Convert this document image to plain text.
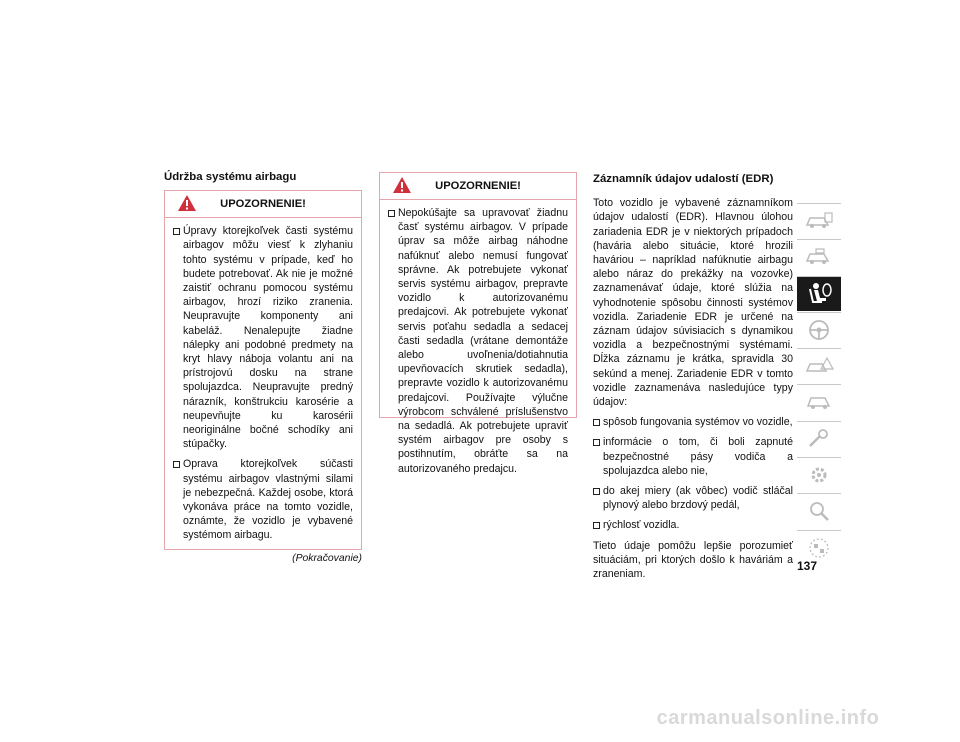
Údržba systému airbagu
UPOZORNENIE!
Úpravy ktorejkoľvek časti systému airbagov môžu viesť k zlyhaniu tohto systému v prípade, keď ho budete potrebovať. Ak nie je možné zaistiť ochranu pomocou systému airbagov, hrozí riziko zranenia. Neupravujte komponenty ani kabeláž. Nenalepujte žiadne nálepky ani podobné predmety na kryt hlavy náboja volantu ani na prístrojovú dosku na strane spolujazdca. Neupravujte predný nárazník, konštrukciu karosérie a neupevňujte ku karosérii neoriginálne bočné schodíky ani stúpačky.
Oprava ktorejkoľvek súčasti systému airbagov vlastnými silami je nebezpečná. Každej osobe, ktorá vykonáva práce na tomto vozidle, oznámte, že vozidlo je vybavené systémom airbagu.
(Pokračovanie)
UPOZORNENIE!
Nepokúšajte sa upravovať žiadnu časť systému airbagov. V prípade úprav sa môže airbag náhodne nafúknuť alebo nemusí fungovať správne. Ak potrebujete vykonať servis systému airbagov, prepravte vozidlo k autorizovanému predajcovi. Ak potrebujete vykonať servis poťahu sedadla a sedacej časti sedadla (vrátane demontáže alebo uvoľnenia/dotiahnutia upevňovacích skrutiek sedadla), prepravte vozidlo k autorizovanému predajcovi. Používajte výlučne výrobcom schválené príslušenstvo na sedadlá. Ak potrebujete upraviť systém airbagov pre osoby s postihnutím, obráťte sa na autorizovaného predajcu.
Záznamník údajov udalostí (EDR)

Toto vozidlo je vybavené záznamníkom údajov udalostí (EDR). Hlavnou úlohou zariadenia EDR je v niektorých prípadoch (havária alebo situácie, ktoré hrozili haváriou – napríklad nafúknutie airbagu alebo náraz do prekážky na vozovke) zaznamenávať údaje, ktoré slúžia na vyhodnotenie spôsobu činnosti systémov vozidla. Zariadenie EDR je určené na záznam údajov súvisiacich s dynamikou vozidla a bezpečnostnými systémami. Dĺžka záznamu je krátka, spravidla 30 sekúnd a menej. Zariadenie EDR v tomto vozidle zaznamenáva nasledujúce typy údajov:

spôsob fungovania systémov vo vozidle,
informácie o tom, či boli zapnuté bezpečnostné pásy vodiča a spolujazdca alebo nie,
do akej miery (ak vôbec) vodič stláčal plynový alebo brzdový pedál,
rýchlosť vozidla.

Tieto údaje pomôžu lepšie porozumieť situáciám, pri ktorých došlo k haváriám a zraneniam.

137
carmanualsonline.info
